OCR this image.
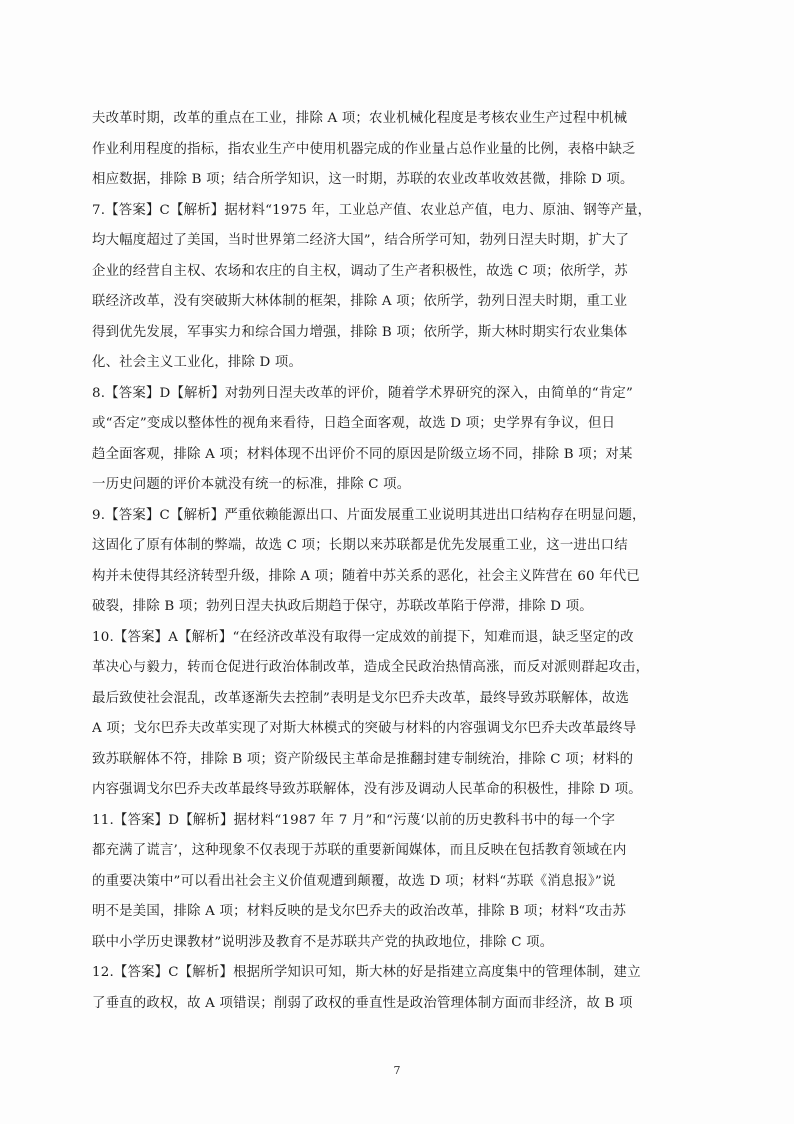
夫改革时期，改革的重点在工业，排除 A 项；农业机械化程度是考核农业生产过程中机械
作业利用程度的指标，指农业生产中使用机器完成的作业量占总作业量的比例，表格中缺乏
相应数据，排除 B 项；结合所学知识，这一时期，苏联的农业改革收效甚微，排除 D 项。
7.【答案】C【解析】据材料“1975 年，工业总产值、农业总产值，电力、原油、钢等产量，
均大幅度超过了美国，当时世界第二经济大国”，结合所学可知，勃列日涅夫时期，扩大了
企业的经营自主权、农场和农庄的自主权，调动了生产者积极性，故选 C 项；依所学，苏
联经济改革，没有突破斯大林体制的框架，排除 A 项；依所学，勃列日涅夫时期，重工业
得到优先发展，军事实力和综合国力增强，排除 B 项；依所学，斯大林时期实行农业集体
化、社会主义工业化，排除 D 项。
8.【答案】D【解析】对勃列日涅夫改革的评价，随着学术界研究的深入，由简单的“肯定”
或“否定”变成以整体性的视角来看待，日趋全面客观，故选 D 项；史学界有争议，但日
趋全面客观，排除 A 项；材料体现不出评价不同的原因是阶级立场不同，排除 B 项；对某
一历史问题的评价本就没有统一的标准，排除 C 项。
9.【答案】C【解析】严重依赖能源出口、片面发展重工业说明其进出口结构存在明显问题，
这固化了原有体制的弊端，故选 C 项；长期以来苏联都是优先发展重工业，这一进出口结
构并未使得其经济转型升级，排除 A 项；随着中苏关系的恶化，社会主义阵营在 60 年代已
破裂，排除 B 项；勃列日涅夫执政后期趋于保守，苏联改革陷于停滞，排除 D 项。
10.【答案】A【解析】“在经济改革没有取得一定成效的前提下，知难而退，缺乏坚定的改
革决心与毅力，转而仓促进行政治体制改革，造成全民政治热情高涨，而反对派则群起攻击，
最后致使社会混乱，改革逐渐失去控制”表明是戈尔巴乔夫改革，最终导致苏联解体，故选
A 项；戈尔巴乔夫改革实现了对斯大林模式的突破与材料的内容强调戈尔巴乔夫改革最终导
致苏联解体不符，排除 B 项；资产阶级民主革命是推翻封建专制统治，排除 C 项；材料的
内容强调戈尔巴乔夫改革最终导致苏联解体，没有涉及调动人民革命的积极性，排除 D 项。
11.【答案】D【解析】据材料“1987 年 7 月”和“污蔑‘以前的历史教科书中的每一个字
都充满了谎言’，这种现象不仅表现于苏联的重要新闻媒体，而且反映在包括教育领域在内
的重要决策中”可以看出社会主义价值观遭到颠覆，故选 D 项；材料“苏联《消息报》”说
明不是美国，排除 A 项；材料反映的是戈尔巴乔夫的政治改革，排除 B 项；材料“攻击苏
联中小学历史课教材”说明涉及教育不是苏联共产党的执政地位，排除 C 项。
12.【答案】C【解析】根据所学知识可知，斯大林的好是指建立高度集中的管理体制，建立
了垂直的政权，故 A 项错误；削弱了政权的垂直性是政治管理体制方面而非经济，故 B 项
7
